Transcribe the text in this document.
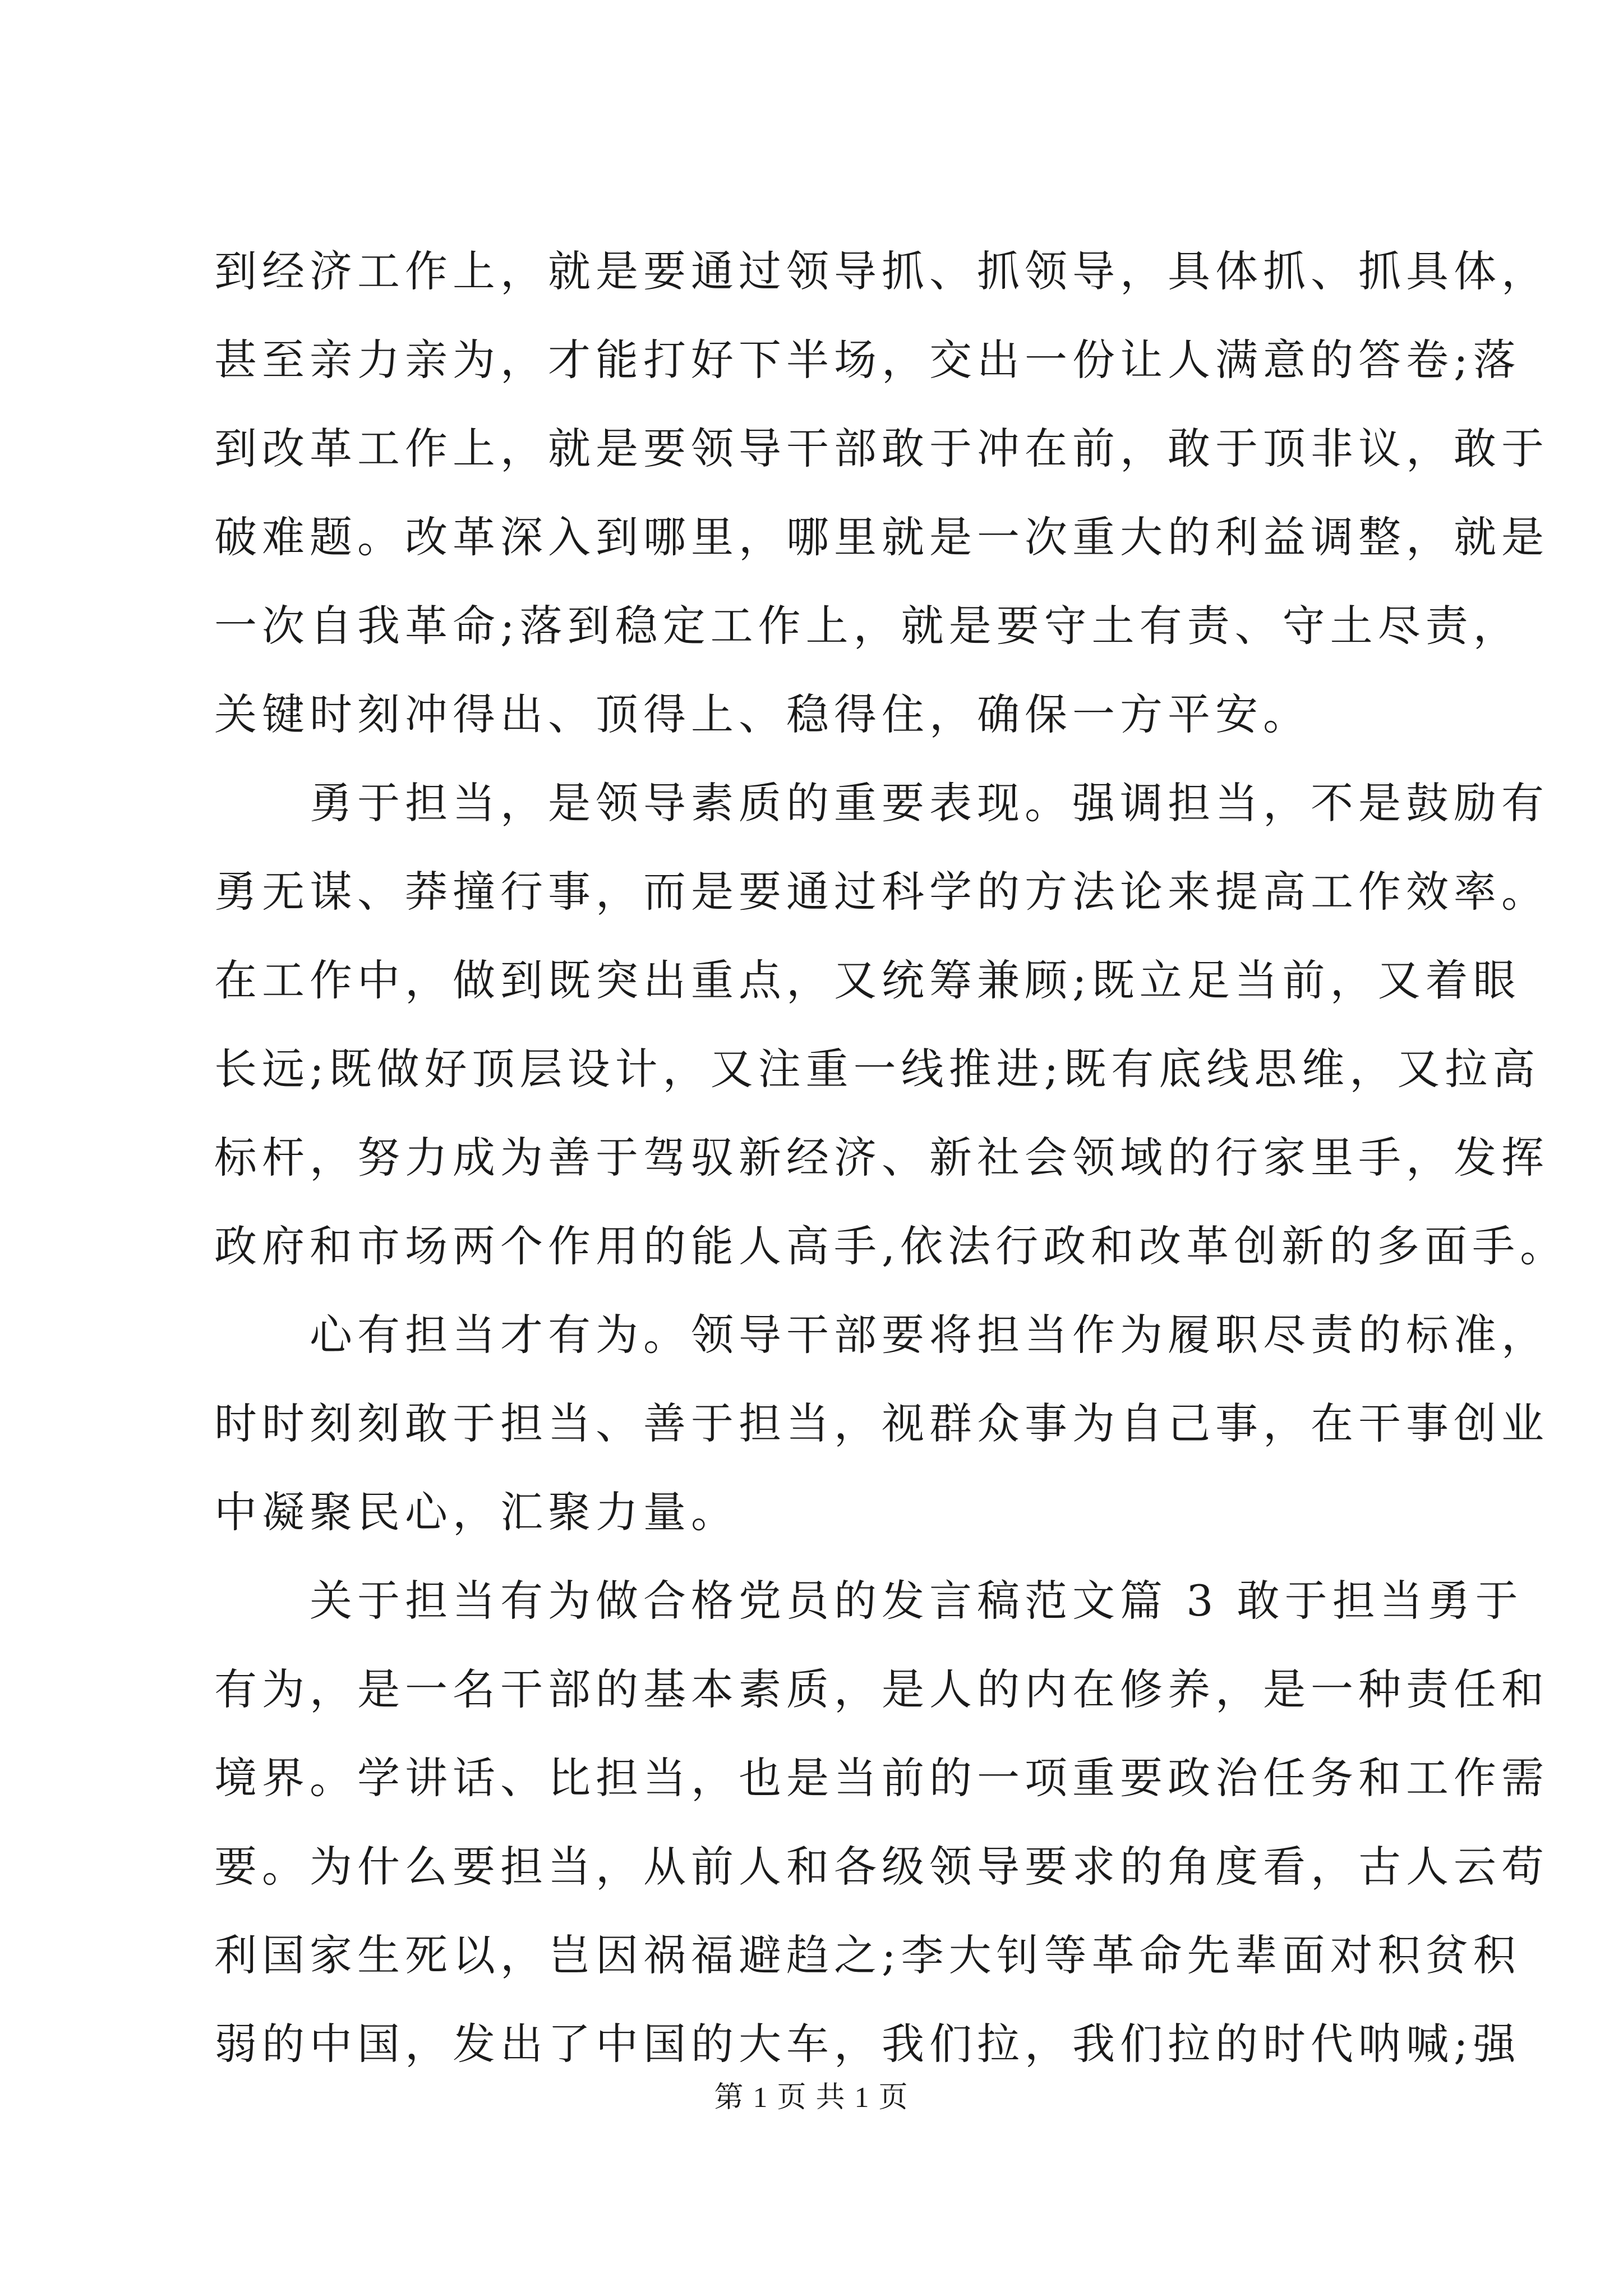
到经济工作上，就是要通过领导抓、抓领导，具体抓、抓具体，
甚至亲力亲为，才能打好下半场，交出一份让人满意的答卷;落
到改革工作上，就是要领导干部敢于冲在前，敢于顶非议，敢于
破难题。改革深入到哪里，哪里就是一次重大的利益调整，就是
一次自我革命;落到稳定工作上，就是要守土有责、守土尽责，
关键时刻冲得出、顶得上、稳得住，确保一方平安。
勇于担当，是领导素质的重要表现。强调担当，不是鼓励有
勇无谋、莽撞行事，而是要通过科学的方法论来提高工作效率。
在工作中，做到既突出重点，又统筹兼顾;既立足当前，又着眼
长远;既做好顶层设计，又注重一线推进;既有底线思维，又拉高
标杆，努力成为善于驾驭新经济、新社会领域的行家里手，发挥
政府和市场两个作用的能人高手,依法行政和改革创新的多面手。
心有担当才有为。领导干部要将担当作为履职尽责的标准，
时时刻刻敢于担当、善于担当，视群众事为自己事，在干事创业
中凝聚民心，汇聚力量。
关于担当有为做合格党员的发言稿范文篇 3 敢于担当勇于
有为，是一名干部的基本素质，是人的内在修养，是一种责任和
境界。学讲话、比担当，也是当前的一项重要政治任务和工作需
要。为什么要担当，从前人和各级领导要求的角度看，古人云苟
利国家生死以，岂因祸福避趋之;李大钊等革命先辈面对积贫积
弱的中国，发出了中国的大车，我们拉，我们拉的时代呐喊;强
第 1 页 共 1 页
